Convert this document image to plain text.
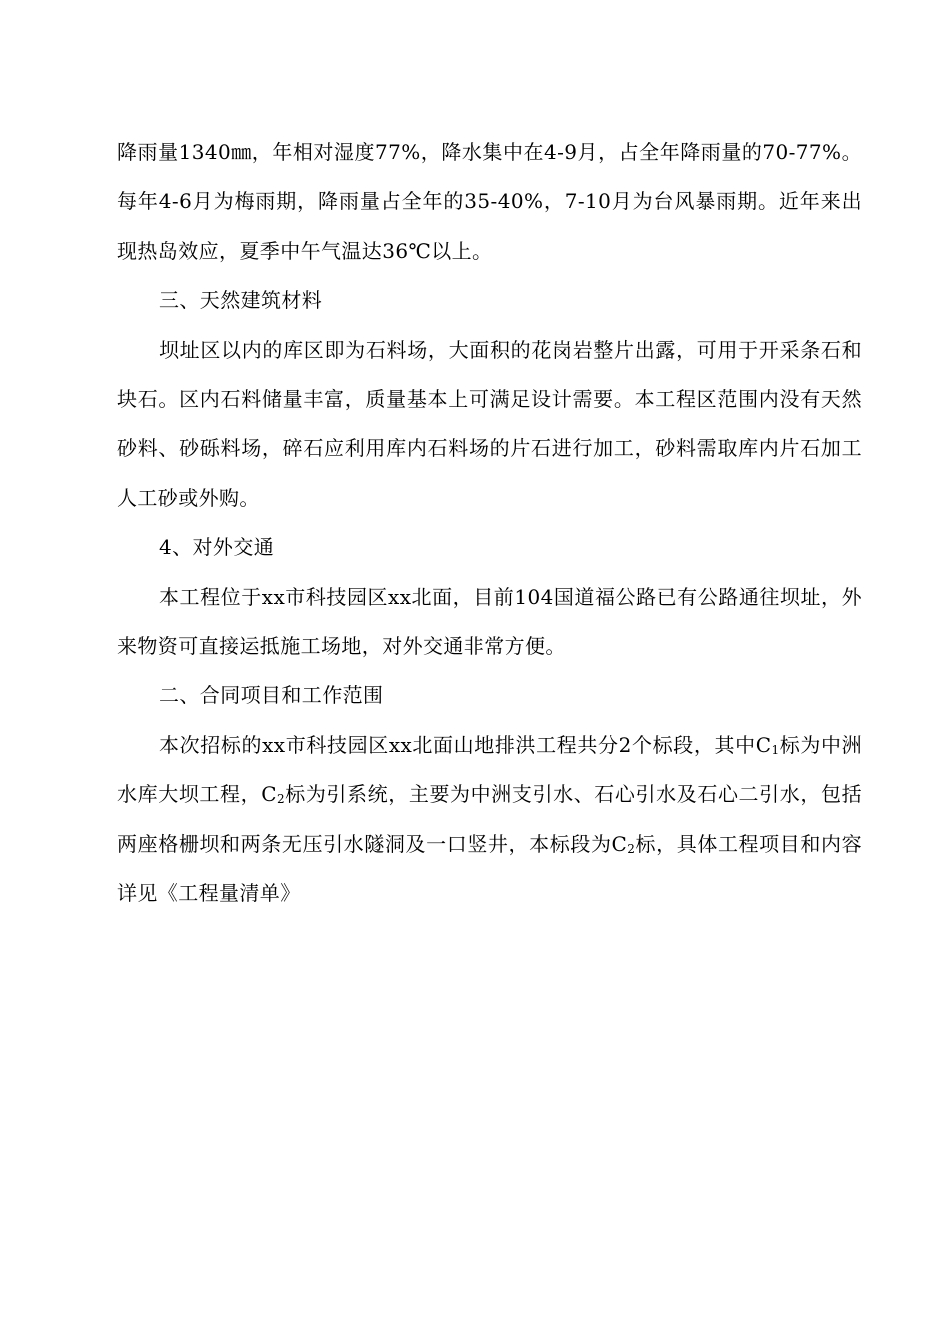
降雨量1340㎜，年相对湿度77%，降水集中在4-9月，占全年降雨量的70-77%。每年4-6月为梅雨期，降雨量占全年的35-40%，7-10月为台风暴雨期。近年来出现热岛效应，夏季中午气温达36℃以上。

三、天然建筑材料

坝址区以内的库区即为石料场，大面积的花岗岩整片出露，可用于开采条石和块石。区内石料储量丰富，质量基本上可满足设计需要。本工程区范围内没有天然砂料、砂砾料场，碎石应利用库内石料场的片石进行加工，砂料需取库内片石加工人工砂或外购。

4、对外交通

本工程位于xx市科技园区xx北面，目前104国道福公路已有公路通往坝址，外来物资可直接运抵施工场地，对外交通非常方便。

二、合同项目和工作范围

本次招标的xx市科技园区xx北面山地排洪工程共分2个标段，其中$C_1$标为中洲水库大坝工程，$C_2$标为引系统，主要为中洲支引水、石心引水及石心二引水，包括两座格栅坝和两条无压引水隧洞及一口竖井，本标段为$C_2$标，具体工程项目和内容详见《工程量清单》
